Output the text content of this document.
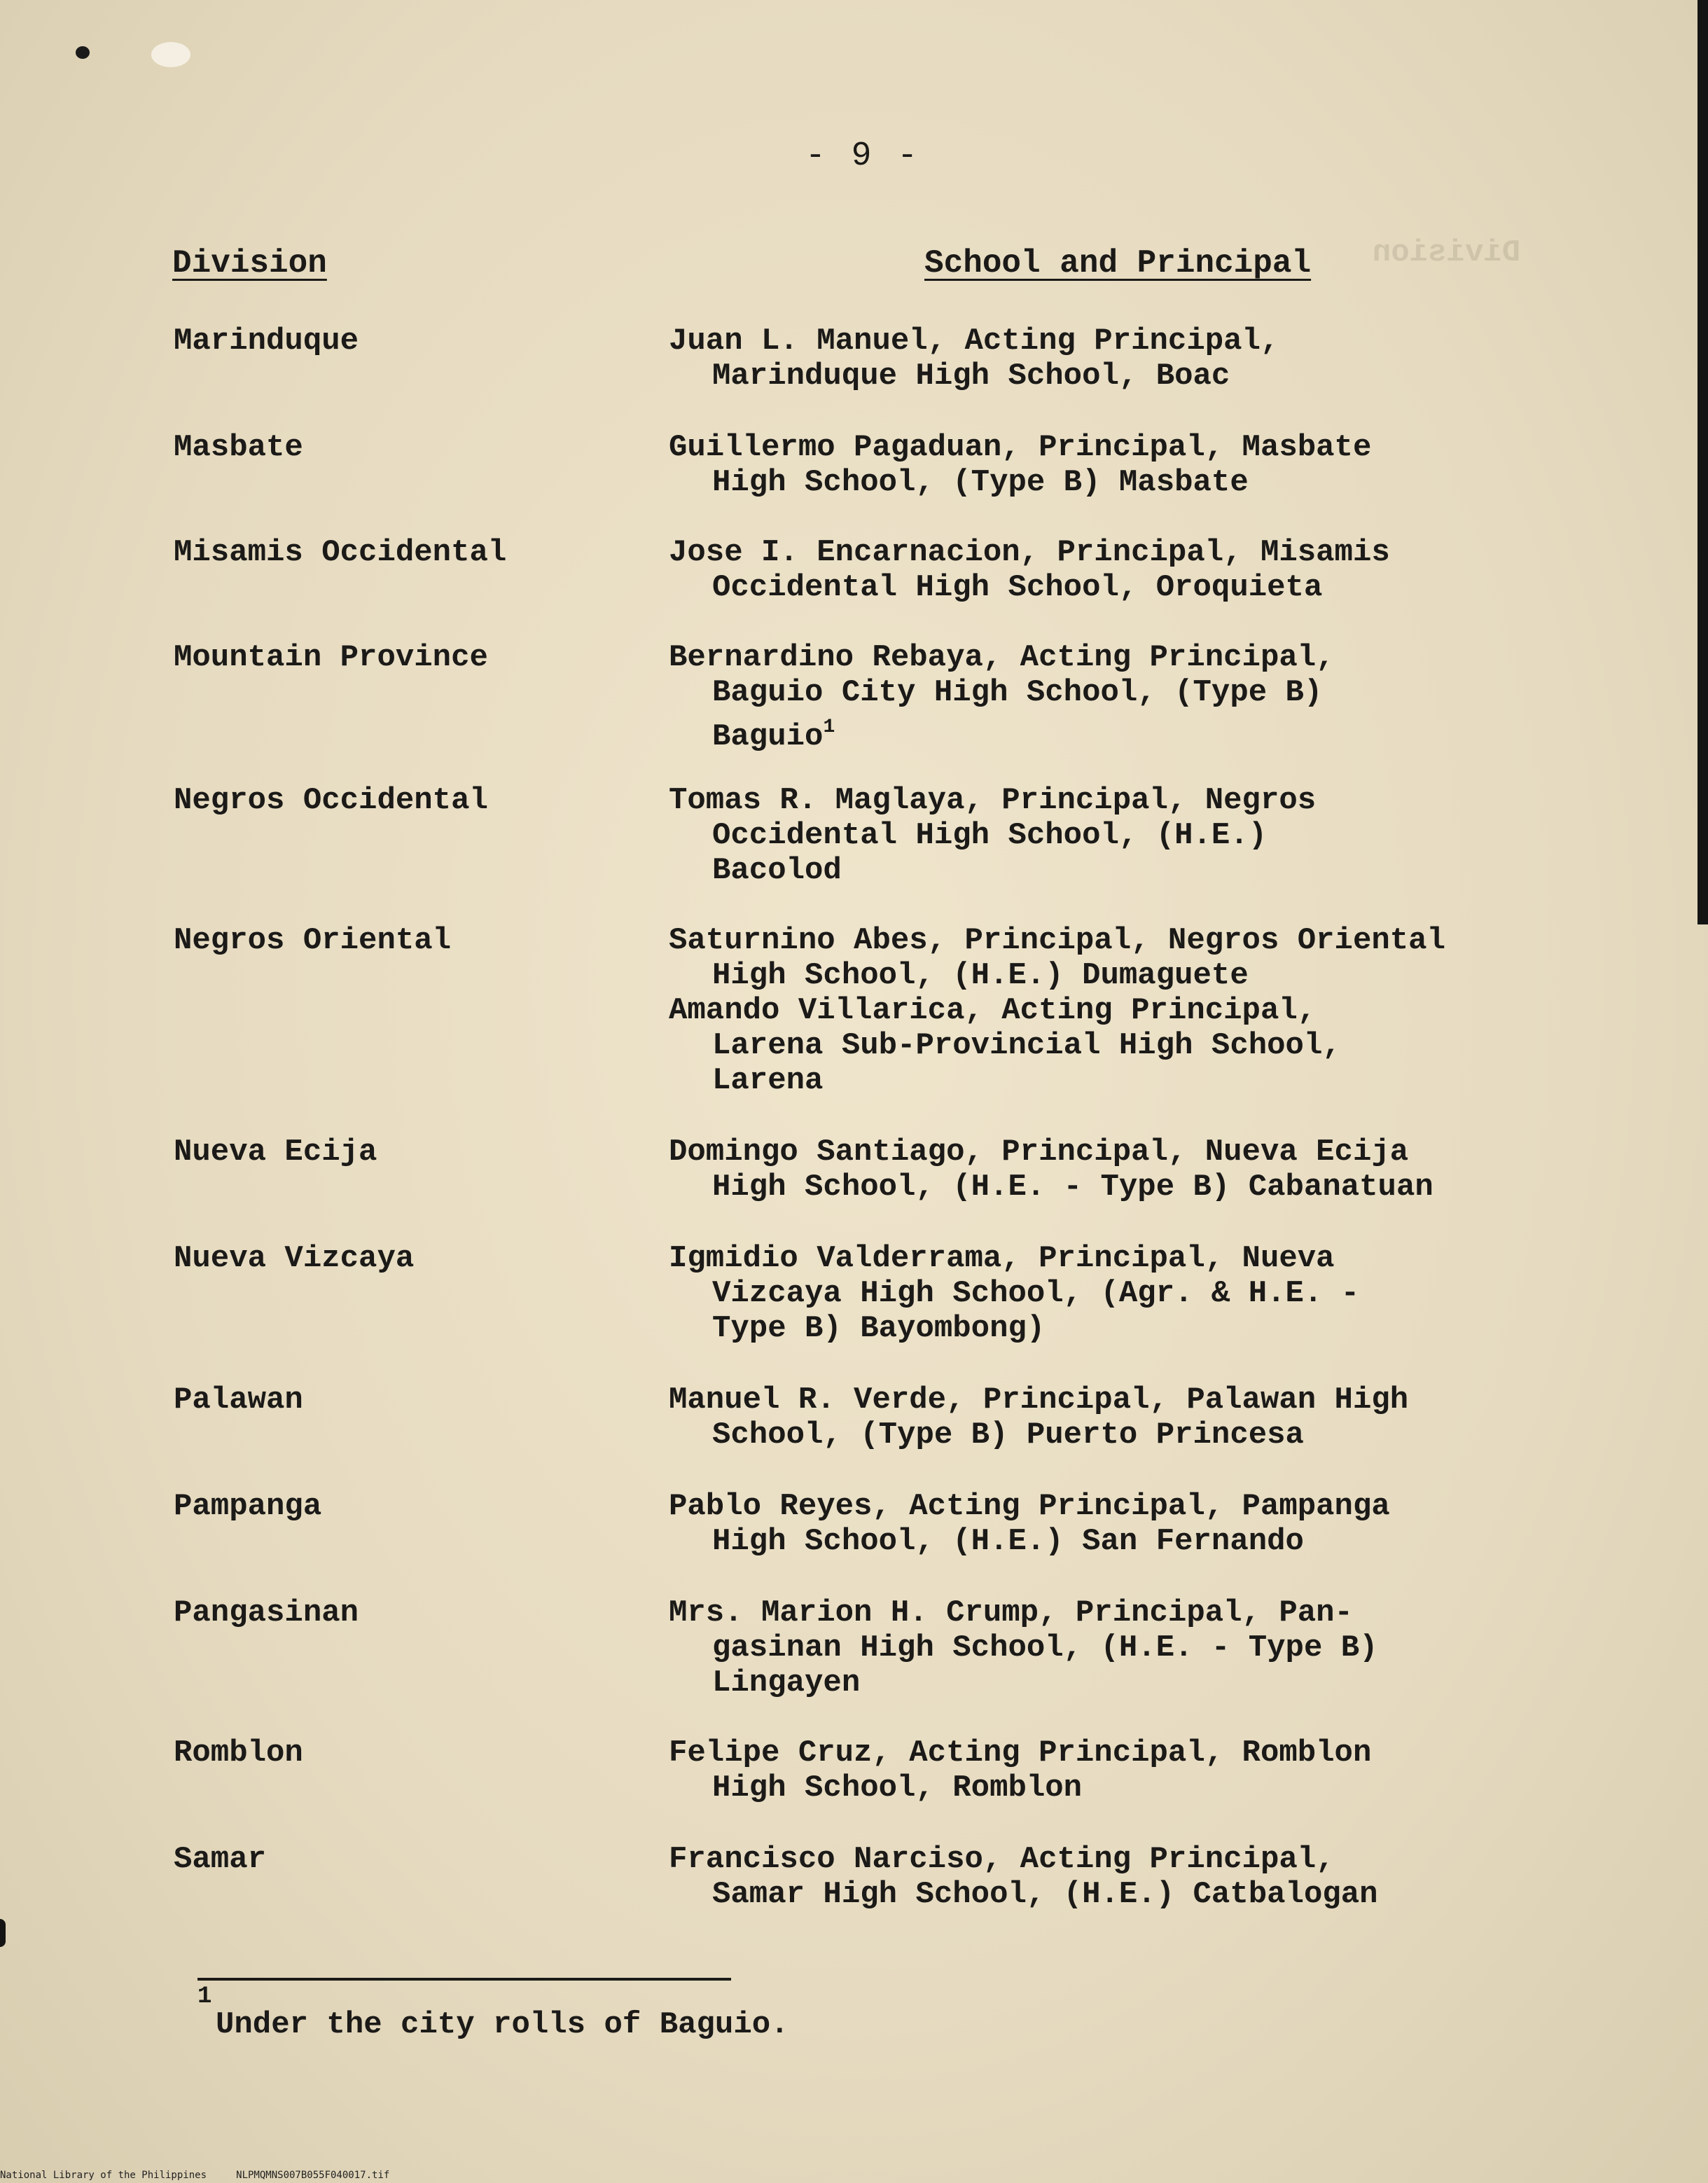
Division
- 9 -
Division	School and Principal
Marinduque	Juan L. Manuel, Acting Principal,
Marinduque High School, Boac
Masbate	Guillermo Pagaduan, Principal, Masbate
High School, (Type B) Masbate
Misamis Occidental	Jose I. Encarnacion, Principal, Misamis
Occidental High School, Oroquieta
Mountain Province	Bernardino Rebaya, Acting Principal,
Baguio City High School, (Type B)
Baguio$^1$
Negros Occidental	Tomas R. Maglaya, Principal, Negros
Occidental High School, (H.E.)
Bacolod
Negros Oriental	Saturnino Abes, Principal, Negros Oriental
High School, (H.E.) Dumaguete
Amando Villarica, Acting Principal,
Larena Sub-Provincial High School,
Larena
Nueva Ecija	Domingo Santiago, Principal, Nueva Ecija
High School, (H.E. - Type B) Cabanatuan
Nueva Vizcaya	Igmidio Valderrama, Principal, Nueva
Vizcaya High School, (Agr. & H.E. -
Type B) Bayombong)
Palawan	Manuel R. Verde, Principal, Palawan High
School, (Type B) Puerto Princesa
Pampanga	Pablo Reyes, Acting Principal, Pampanga
High School, (H.E.) San Fernando
Pangasinan	Mrs. Marion H. Crump, Principal, Pan-
gasinan High School, (H.E. - Type B)
Lingayen
Romblon	Felipe Cruz, Acting Principal, Romblon
High School, Romblon
Samar	Francisco Narciso, Acting Principal,
Samar High School, (H.E.) Catbalogan

1

Under the city rolls of Baguio.

National Library of the Philippines     NLPMQMNS007B055F040017.tif
